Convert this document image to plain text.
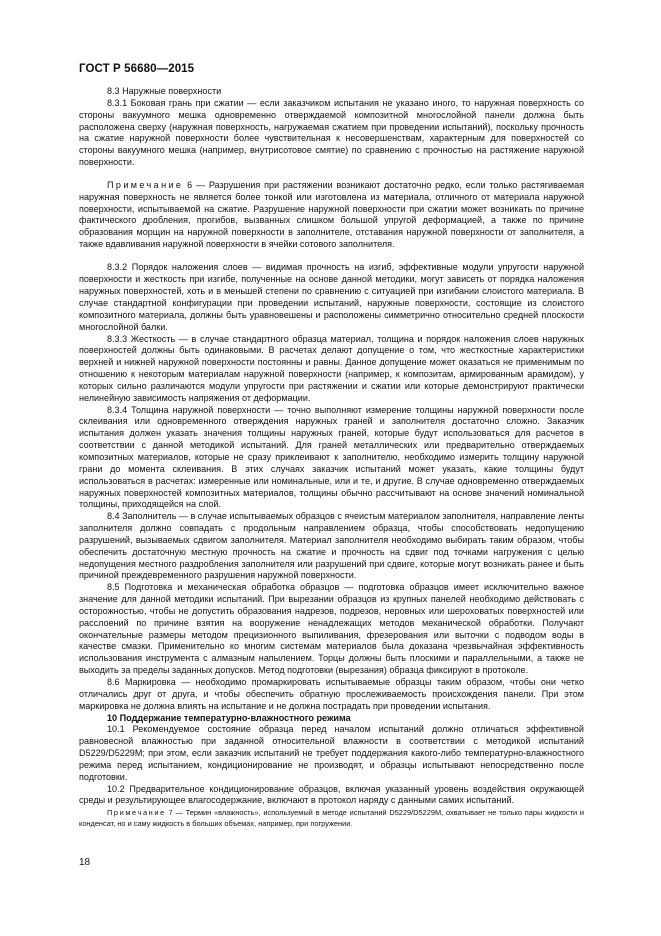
ГОСТ Р 56680—2015

8.3 Наружные поверхности

8.3.1 Боковая грань при сжатии — если заказчиком испытания не указано иного, то наружная поверхность со стороны вакуумного мешка одновременно отверждаемой композитной многослойной панели должна быть расположена сверху (наружная поверхность, нагружаемая сжатием при проведении испытаний), поскольку прочность на сжатие наружной поверхности более чувствительная к несовершенствам, характерным для поверхностей со стороны вакуумного мешка (например, внутрисотовое смятие) по сравнению с прочностью на растяжение наружной поверхности.

Примечание 6 — Разрушения при растяжении возникают достаточно редко, если только растягиваемая наружная поверхность не является более тонкой или изготовлена из материала, отличного от материала наружной поверхности, испытываемой на сжатие. Разрушение наружной поверхности при сжатии может возникать по причине фактического дробления, прогибов, вызванных слишком большой упругой деформацией, а также по причине образования морщин на наружной поверхности в заполнителе, отставания наружной поверхности от заполнителя, а также вдавливания наружной поверхности в ячейки сотового заполнителя.

8.3.2 Порядок наложения слоев — видимая прочность на изгиб, эффективные модули упругости наружной поверхности и жесткость при изгибе, полученные на основе данной методики, могут зависеть от порядка наложения наружных поверхностей, хоть и в меньшей степени по сравнению с ситуацией при изгибании слоистого материала. В случае стандартной конфигурации при проведении испытаний, наружные поверхности, состоящие из слоистого композитного материала, должны быть уравновешены и расположены симметрично относительно средней плоскости многослойной балки.

8.3.3 Жесткость — в случае стандартного образца материал, толщина и порядок наложения слоев наружных поверхностей должны быть одинаковыми. В расчетах делают допущение о том, что жесткостные характеристики верхней и нижней наружной поверхности постоянны и равны. Данное допущение может оказаться не применимым по отношению к некоторым материалам наружной поверхности (например, к композитам, армированным арамидом), у которых сильно различаются модули упругости при растяжении и сжатии или которые демонстрируют практически нелинейную зависимость напряжения от деформации.

8.3.4 Толщина наружной поверхности — точно выполняют измерение толщины наружной поверхности после склеивания или одновременного отверждения наружных граней и заполнителя достаточно сложно. Заказчик испытания должен указать значения толщины наружных граней, которые будут использоваться для расчетов в соответствии с данной методикой испытаний. Для граней металлических или предварительно отверждаемых композитных материалов, которые не сразу приклеивают к заполнителю, необходимо измерить толщину наружной грани до момента склеивания. В этих случаях заказчик испытаний может указать, какие толщины будут использоваться в расчетах: измеренные или номинальные, или и те, и другие. В случае одновременно отверждаемых наружных поверхностей композитных материалов, толщины обычно рассчитывают на основе значений номинальной толщины, приходящейся на слой.

8.4 Заполнитель — в случае испытываемых образцов с ячеистым материалом заполнителя, направление ленты заполнителя должно совпадать с продольным направлением образца, чтобы способствовать недопущению разрушений, вызываемых сдвигом заполнителя. Материал заполнителя необходимо выбирать таким образом, чтобы обеспечить достаточную местную прочность на сжатие и прочность на сдвиг под точками нагружения с целью недопущения местного раздробления заполнителя или разрушений при сдвиге, которые могут возникать ранее и быть причиной преждевременного разрушения наружной поверхности.

8.5 Подготовка и механическая обработка образцов — подготовка образцов имеет исключительно важное значение для данной методики испытаний. При вырезании образцов из крупных панелей необходимо действовать с осторожностью, чтобы не допустить образования надрезов, подрезов, неровных или шероховатых поверхностей или расслоений по причине взятия на вооружение ненадлежащих методов механической обработки. Получают окончательные размеры методом прецизионного выпиливания, фрезерования или выточки с подводом воды в качестве смазки. Применительно ко многим системам материалов была доказана чрезвычайная эффективность использования инструмента с алмазным напылением. Торцы должны быть плоскими и параллельными, а также не выходить за пределы заданных допусков. Метод подготовки (вырезания) образца фиксируют в протоколе.

8.6 Маркировка — необходимо промаркировать испытываемые образцы таким образом, чтобы они четко отличались друг от друга, и чтобы обеспечить обратную прослеживаемость происхождения панели. При этом маркировка не должна влиять на испытание и не должна пострадать при проведении испытания.

10 Поддержание температурно-влажностного режима

10.1 Рекомендуемое состояние образца перед началом испытаний должно отличаться эффективной равновесной влажностью при заданной относительной влажности в соответствии с методикой испытаний D5229/D5229M; при этом, если заказчик испытаний не требует поддержания какого-либо температурно-влажностного режима перед испытанием, кондиционирование не производят, и образцы испытывают непосредственно после подготовки.

10.2 Предварительное кондиционирование образцов, включая указанный уровень воздействия окружающей среды и результирующее влагосодержание, включают в протокол наряду с данными самих испытаний.

Примечание 7 — Термин «влажность», используемый в методе испытаний D5229/D5229M, охватывает не только пары жидкости и конденсат, но и саму жидкость в больших объемах, например, при погружении.

18
